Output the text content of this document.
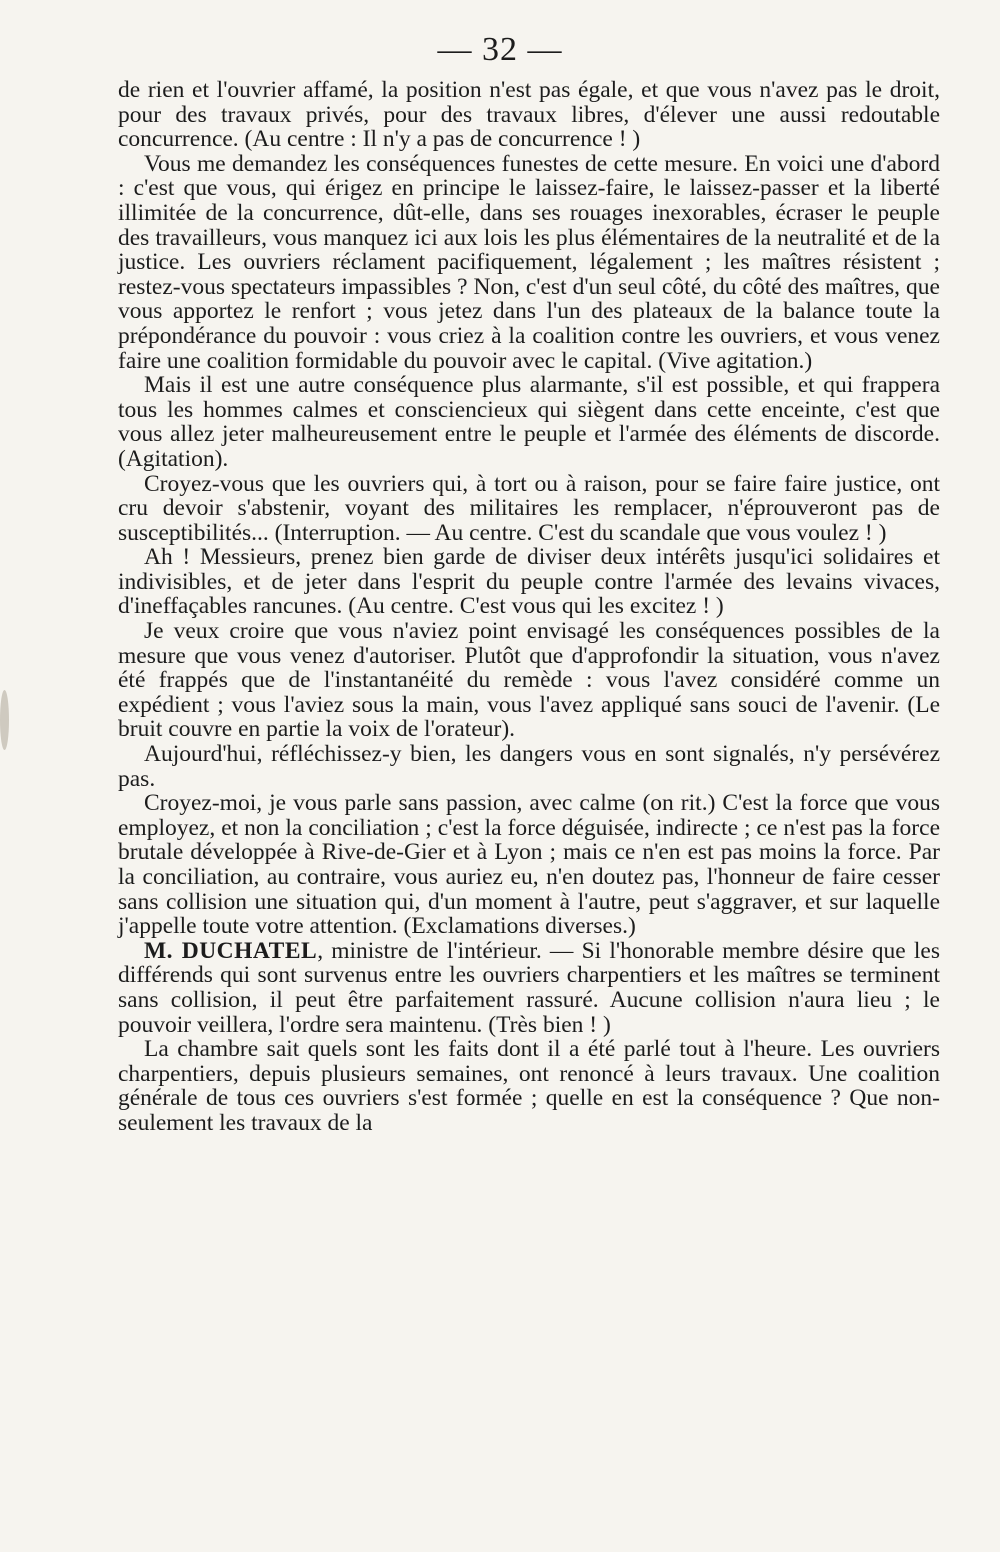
— 32 —

de rien et l'ouvrier affamé, la position n'est pas égale, et que vous n'avez pas le droit, pour des travaux privés, pour des travaux libres, d'élever une aussi redoutable concurrence. (Au centre : Il n'y a pas de concurrence ! )

Vous me demandez les conséquences funestes de cette mesure. En voici une d'abord : c'est que vous, qui érigez en principe le laissez-faire, le laissez-passer et la liberté illimitée de la concurrence, dût-elle, dans ses rouages inexorables, écraser le peuple des travailleurs, vous manquez ici aux lois les plus élémentaires de la neutralité et de la justice. Les ouvriers réclament pacifiquement, légalement ; les maîtres résistent ; restez-vous spectateurs impassibles ? Non, c'est d'un seul côté, du côté des maîtres, que vous apportez le renfort ; vous jetez dans l'un des plateaux de la balance toute la prépondérance du pouvoir : vous criez à la coalition contre les ouvriers, et vous venez faire une coalition formidable du pouvoir avec le capital. (Vive agitation.)

Mais il est une autre conséquence plus alarmante, s'il est possible, et qui frappera tous les hommes calmes et consciencieux qui siègent dans cette enceinte, c'est que vous allez jeter malheureusement entre le peuple et l'armée des éléments de discorde. (Agitation).

Croyez-vous que les ouvriers qui, à tort ou à raison, pour se faire faire justice, ont cru devoir s'abstenir, voyant des militaires les remplacer, n'éprouveront pas de susceptibilités... (Interruption. — Au centre. C'est du scandale que vous voulez ! )

Ah ! Messieurs, prenez bien garde de diviser deux intérêts jusqu'ici solidaires et indivisibles, et de jeter dans l'esprit du peuple contre l'armée des levains vivaces, d'ineffaçables rancunes. (Au centre. C'est vous qui les excitez ! )

Je veux croire que vous n'aviez point envisagé les conséquences possibles de la mesure que vous venez d'autoriser. Plutôt que d'approfondir la situation, vous n'avez été frappés que de l'instantanéité du remède : vous l'avez considéré comme un expédient ; vous l'aviez sous la main, vous l'avez appliqué sans souci de l'avenir. (Le bruit couvre en partie la voix de l'orateur).

Aujourd'hui, réfléchissez-y bien, les dangers vous en sont signalés, n'y persévérez pas.

Croyez-moi, je vous parle sans passion, avec calme (on rit.) C'est la force que vous employez, et non la conciliation ; c'est la force déguisée, indirecte ; ce n'est pas la force brutale développée à Rive-de-Gier et à Lyon ; mais ce n'en est pas moins la force. Par la conciliation, au contraire, vous auriez eu, n'en doutez pas, l'honneur de faire cesser sans collision une situation qui, d'un moment à l'autre, peut s'aggraver, et sur laquelle j'appelle toute votre attention. (Exclamations diverses.)

M. DUCHATEL, ministre de l'intérieur. — Si l'honorable membre désire que les différends qui sont survenus entre les ouvriers charpentiers et les maîtres se terminent sans collision, il peut être parfaitement rassuré. Aucune collision n'aura lieu ; le pouvoir veillera, l'ordre sera maintenu. (Très bien ! )

La chambre sait quels sont les faits dont il a été parlé tout à l'heure. Les ouvriers charpentiers, depuis plusieurs semaines, ont renoncé à leurs travaux. Une coalition générale de tous ces ouvriers s'est formée ; quelle en est la conséquence ? Que non-seulement les travaux de la
